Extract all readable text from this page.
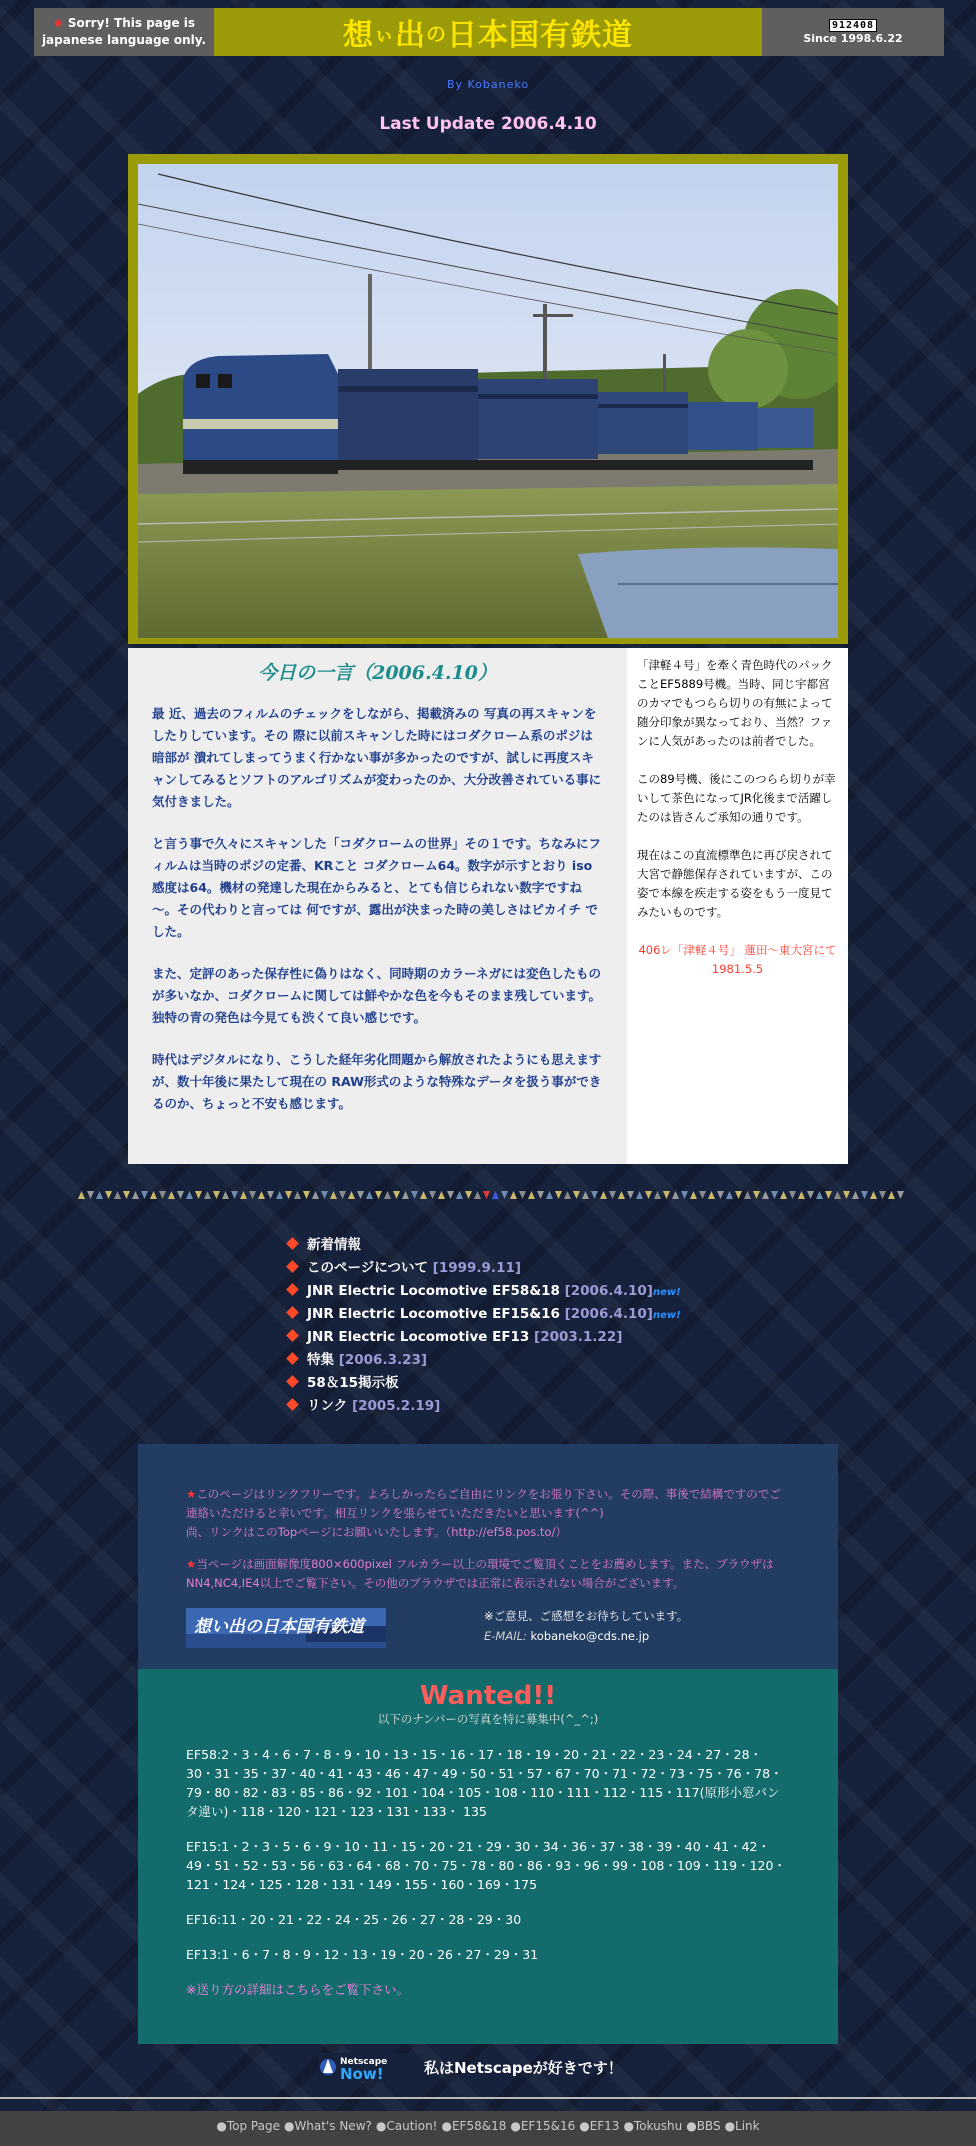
★ Sorry! This page is
japanese language only.	想 ぃ 出 の 日本国有鉄道	912408
Since 1998.6.22
By Kobaneko
Last Update 2006.4.10
今日の一言（2006.4.10）

最 近、過去のフィルムのチェックをしながら、掲載済みの 写真の再スキャンをしたりしています。その 際に以前スキャンした時にはコダクローム系のポジは暗部が 潰れてしまってうまく行かない事が多かったのですが、試しに再度スキャンしてみるとソフトのアルゴリズムが変わったのか、大分改善されている事に気付きました。

と言う事で久々にスキャンした「コダクロームの世界」その１です。ちなみにフィルムは当時のポジの定番、KRこと コダクローム64。数字が示すとおり iso感度は64。機材の発達した現在からみると、とても信じられない数字ですね～。その代わりと言っては 何ですが、露出が決まった時の美しさはピカイチ でした。

また、定評のあった保存性に偽りはなく、同時期のカラーネガには変色したものが多いなか、コダクロームに関しては鮮やかな色を今もそのまま残しています。独特の青の発色は今見ても渋くて良い感じです。

時代はデジタルになり、こうした経年劣化問題から解放されたようにも思えますが、数十年後に果たして現在の RAW形式のような特殊なデータを扱う事ができるのか、ちょっと不安も感じます。

「津軽４号」を牽く青色時代のパックことEF5889号機。当時、同じ宇都宮のカマでもつらら切りの有無によって随分印象が異なっており、当然？ファンに人気があったのは前者でした。

この89号機、後にこのつらら切りが幸いして茶色になってJR化後まで活躍したのは皆さんご承知の通りです。

現在はこの直流標準色に再び戻されて大宮で静態保存されていますが、この姿で本線を疾走する姿をもう一度見てみたいものです。

406レ「津軽４号」 蓮田～東大宮にて　1981.5.5

新着情報
このページについて [1999.9.11]
JNR Electric Locomotive EF58&18 [2006.4.10]new!
JNR Electric Locomotive EF15&16 [2006.4.10]new!
JNR Electric Locomotive EF13 [2003.1.22]
特集 [2006.3.23]
58＆15掲示板
リンク [2005.2.19]

★このページはリンクフリーです。よろしかったらご自由にリンクをお張り下さい。その際、事後で結構ですのでご連絡いただけると幸いです。相互リンクを張らせていただきたいと思います(^^)
尚、リンクはこのTopページにお願いいたします。（http://ef58.pos.to/）

★当ページは画面解像度800×600pixel フルカラー以上の環境でご覧頂くことをお薦めします。また、ブラウザはNN4,NC4,IE4以上でご覧下さい。その他のブラウザでは正常に表示されない場合がございます。

想い出の日本国有鉄道
※ご意見、ご感想をお待ちしています。
E-MAIL: kobaneko@cds.ne.jp
Wanted!!
以下のナンバーの写真を特に募集中(^_^;)

EF58:2・3・4・6・7・8・9・10・13・15・16・17・18・19・20・21・22・23・24・27・28・30・31・35・37・40・41・43・46・47・49・50・51・57・67・70・71・72・73・75・76・78・79・80・82・83・85・86・92・101・104・105・108・110・111・112・115・117(原形小窓パンタ違い)・118・120・121・123・131・133・ 135

EF15:1・2・3・5・6・9・10・11・15・20・21・29・30・34・36・37・38・39・40・41・42・49・51・52・53・56・63・64・68・70・75・78・80・86・93・96・99・108・109・119・120・121・124・125・128・131・149・155・160・169・175

EF16:11・20・21・22・24・25・26・27・28・29・30

EF13:1・6・7・8・9・12・13・19・20・26・27・29・31

※送り方の詳細はこちらをご覧下さい。
Netscape
Now!	私はNetscapeが好きです！
●Top Page ●What's New? ●Caution! ●EF58&18 ●EF15&16 ●EF13 ●Tokushu ●BBS ●Link
